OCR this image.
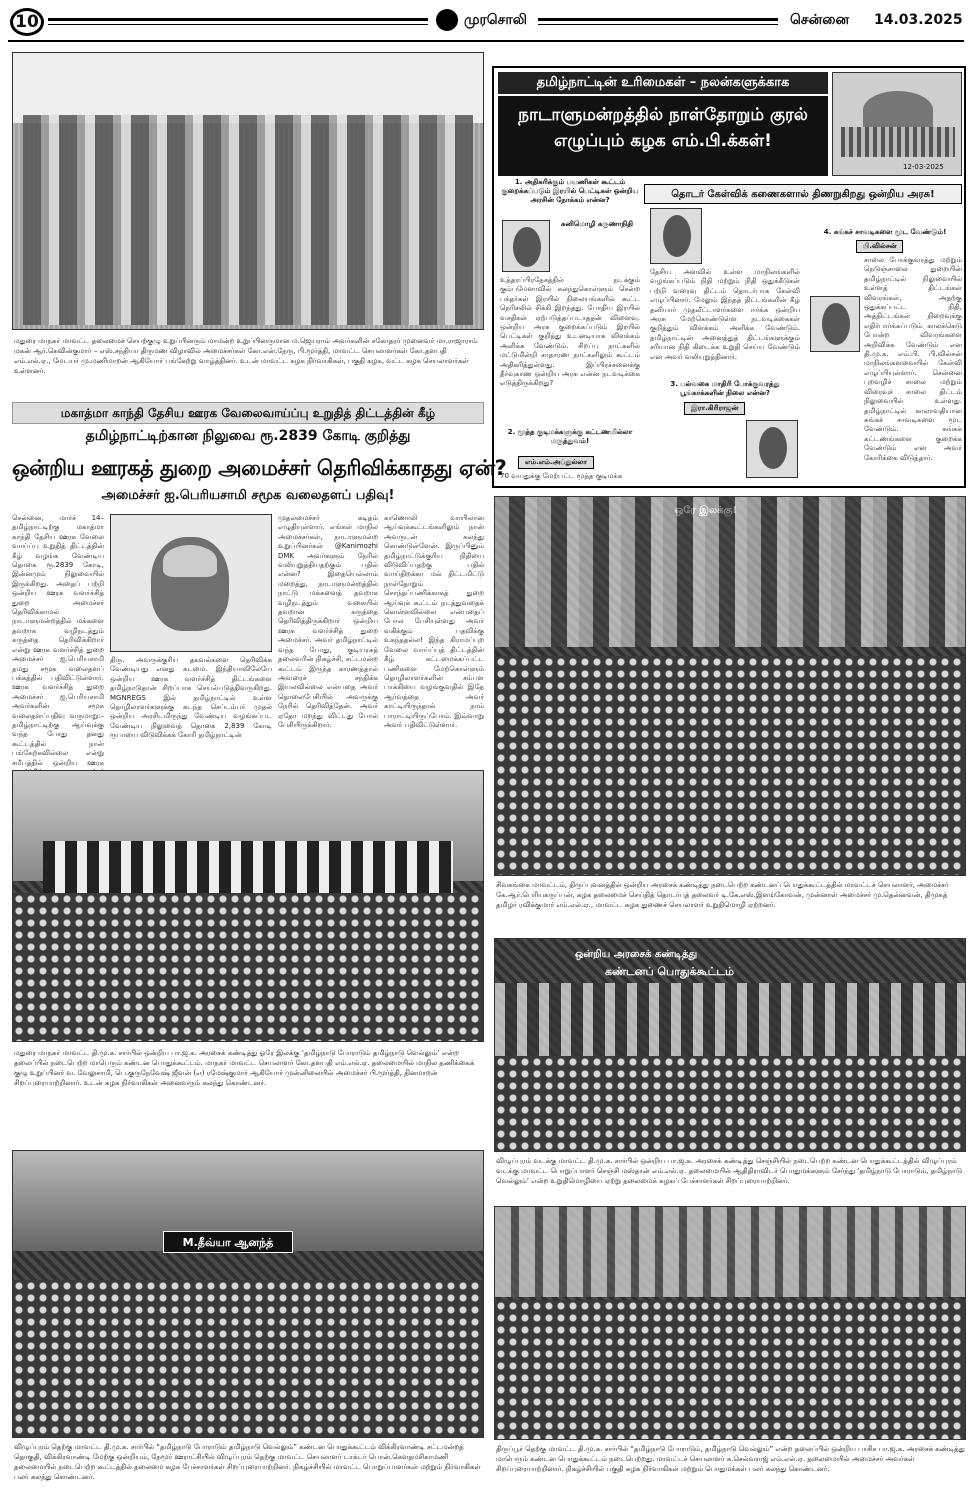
10	முரசொலி	சென்னை 14.03.2025
மதுரை மாநகர் மாவட்ட தலைமைச் செயற்குழு உறுப்பினரும் மாமன்ற உறுப்பினருமான ம.ஜெயராம் அவர்களின் சகோதரர் முனைவர் மா.ராஜாராம் மகன் ஆர்.கெவின்குமார் – எஸ்.சந்தியா திருமண விழாவில் அமைச்சர்கள் கோ.என்.நேரு, பி.மூர்த்தி, மாவட்ட செயலாளர்கள் கோ.தளபதி எம்.எல்.ஏ., மேடயர் மு.மணிமாறன் ஆகியோர் பங்கேற்று வாழ்த்தினர். உடன் மாவட்ட கழக நிர்வாகிகள், பகுதி கழக, வட்ட கழக செயலாளர்கள் உள்ளனர்.
மகாத்மா காந்தி தேசிய ஊரக வேலைவாய்ப்பு உறுதித் திட்டத்தின் கீழ்
தமிழ்நாட்டிற்கான நிலுவை ரூ.2839 கோடி குறித்து
ஒன்றிய ஊரகத் துறை அமைச்சர் தெரிவிக்காதது ஏன்?
அமைச்சர் ஐ.பெரியசாமி சமூக வலைதளப் பதிவு!
சென்னை, மார்ச் 14– தமிழ்நாட்டிற்கு மகாத்மா காந்தி தேசிய ஊரக வேலை வாய்ப்பு உறுதித் திட்டத்தின் கீழ் வழங்க வேண்டிய தொகை ரூ.2839 கோடி, இன்னமும் நிலுவையில் இருக்கிறது. அதைப் பற்றி ஒன்றிய ஊரக வளர்ச்சித் துறை அமைச்சர் தெரிவிக்காமல் நாடாளுமன்றத்தில் மக்களை தவறாக வழிநடத்தும் கருத்தை தெரிவிக்கிறார் என்று ஊரக வளர்ச்சித் துறை அமைச்சர் ஐ.பெரியசாமி தமது சமூக வலைதளப் பக்கத்தில் பதிவிட்டுள்ளார். ஊரக வளர்ச்சித் துறை அமைச்சர் ஐ.பெரியசாமி அவர்களின் சமூக வலைதளப்பதிவு வருமாறு:– தமிழ்நாட்டிற்கு ஆய்வுக்கு வந்த போது தனது கூட்டத்தில் நான் பங்கேற்கவில்லை என்று சமீபத்தில் ஒன்றிய ஊரக
திரு. அவருக்குரிய தகவல்களை தெரிவிக்க வேண்டியது எனது கடமை. இந்தியாவிலேயே ஒன்றிய ஊரக வளர்ச்சித் திட்டங்களை தமிழ்நாடுதான் சிறப்பாக செயல்படுத்திவருகிறது. MGNREGS இல் தமிழ்நாட்டில் உள்ள தொழிலாளர்களுக்கு கடந்த செப்டம்பர் முதல் ஒன்றிய அரசிடமிருந்து வேண்டிய வழங்கப்பட வேண்டிய நிலுவைத் தொகை 2,839 கோடி ரூபாயை விடுவிக்கக் கோரி தமிழ்நாட்டின்
முதலமைச்சர் கடிதம் எழுதியுள்ளார். எங்கள் மாநில அமைச்சர்கள், நாடாளுமன்ற உறுப்பினர்கள் @Kanimozhi DMK அவர்களும் நேரில் வலியுறுத்தியதற்கும் பதில் என்ன? இதையெல்லாம் மறைத்து, நாடாளுமன்றத்தில் நாட்டு மக்களைத் தவறாக வழிநடத்தும் வகையில் தவறான கருத்தை தெரிவித்திருக்கிறார் ஒன்றிய ஊரக வளர்ச்சித் துறை அமைச்சர். அவர் தமிழ்நாட்டில் வந்த போது, குடியரசுத் தலைவரின் நிகழ்ச்சி, சட்டமன்ற கூட்டம் இருந்த காரணத்தால் அவரைச் சந்திக்க இயலவில்லை என்பதை அவர் தொலைபேசியில் அவருக்கு நேரில் தெரிவித்தேன். அவர் ஏதோ மறந்து விட்டது போல் பேசியிருக்கிறார்.
காணொலி வாயிலான ஆய்வுக்கூட்டங்களிலும் நான் அவருடன் கலந்து கொண்டுள்ளேன். இருப்பினும் தமிழ்நாட்டுக்குரிய நிதியை விடுவிப்பதற்கு பதில் வாய்திறக்கா மல் திட்டமிட்டு நாள்தோறும் சொந்தப்பணிக்காகத் துறை ஆய்வுக் கூட்டம் நடத்துவதைக் கொள்ளவில்லை என்பதைப் போல பேசியுள்ளது அவர் வகிக்கும் பதவிக்கு உகந்ததல்ல! இந்த கிராமப்புற வேலை வாய்ப்புத் திட்டத்தின் கீழ் கட்டமைக்கப்பட்ட பணிகளை மேற்கொள்ளும் தொழிலாளர்களின் சம்பள பாக்கியை வழங்குவதில் இதே ஆர்வத்தை அவர் காட்டியிருந்தால் நாம் பாராட்டியிருப்போம். இவ்வாறு அவர் பதிவிட்டுள்ளார்.
தமிழ்நாட்டின் உரிமைகள் – நலன்களுக்காக
நாடாளுமன்றத்தில் நாள்தோறும் குரல் எழுப்பும் கழக எம்.பி.க்கள்!
12-03-2025
தொடர் கேள்விக் கணைகளால் திணறுகிறது ஒன்றிய அரசு!
1. அதிகரிக்கும் பயணிகள் கூட்டம் குறைக்கப்படும் இரயில் பெட்டிகள் ஒன்றிய அரசின் நோக்கம் என்ன?
கனிமொழி கருணாநிதி
உத்தரப்பிரதேசத்தில் நடக்கும் கும்பமேளாவில் கலந்துகொள்ளும் சென்ற பக்தர்கள் இரயில் நிலையங்களில் கூட்ட நெரிசலில் சிக்கி இறந்தது. போதிய இரயில் வசதிகள் ஏற்படுத்தப்படாததன் விளைவு. ஒன்றிய அரசு குறைக்கப்படும் இரயில் பெட்டிகள் குறித்து உடனடியாக விளக்கம் அளிக்க வேண்டும். சிறப்பு நாட்களில் மட்டுமின்றி சாதாரண நாட்களிலும் கூட்டம் அதிகரித்துள்ளது. இப்பிரச்சனைக்கு தீர்வுகாண ஒன்றிய அரசு என்ன நடவடிக்கை எடுத்திருக்கிறது?
2. மூத்த குடிமக்களுக்கு கட்டணமில்லா மருத்துவம்!
எம்.எம்.அப்துல்லா
70 வயதுக்கு மேற்பட்ட மூத்த குடிமக்க
தேசிய அளவில் உள்ள மாநிலங்களில் வழங்கப்படும் நிதி மற்றும் நிதி ஒதுக்கீடுகள் பற்றி வரைவு திட்டம் தொடர்பாக கேள்வி எழுப்பினார். மேலும் இந்தத் திட்டங்களின் கீழ் தனியார் முதலீட்டாளர்களை ஈர்க்க ஒன்றிய அரசு மேற்கொண்டுள்ள நடவடிக்கைகள் குறித்தும் விளக்கம் அளிக்க வேண்டும். தமிழ்நாட்டின் அனைத்துத் திட்டங்களுக்கும் சரியான நிதி கிடைக்க உறுதி செய்ய வேண்டும் என அவர் வலியுறுத்தினார்.
3. பல்வகை மாதிரி போக்குவரத்து பூங்காக்களின் நிலை என்ன?
இரா.கிரிராஜன்
4. சுங்கச் சாவடிகளை மூட வேண்டும்!
பி.வில்சன்
சாலை போக்குவரத்து மற்றும் நெடுஞ்சாலை துறையின் தமிழ்நாட்டில் நிலுவையில் உள்ளத் திட்டங்கள் விவரங்கள், அதற்கு ஒதுக்கப்பட்ட நிதி, அத்திட்டங்கள் நிறைவுக்கு எதிர்பார்க்கப்படும் காலக்கெடு போன்ற விவரங்களை அறிவிக்க வேண்டும் என தி.மு.க. எம்.பி. பி.வில்சன் மாநிலங்களவையில் கேள்வி எழுப்பியுள்ளார். சென்னை புறவழிச் சாலை மற்றும் விரைவுச் சாலை திட்டம் நிலுவையில் உள்ளது. தமிழ்நாட்டில் காலாவதியான சுங்கச் சாவடிகளை மூட வேண்டும். சுங்கக் கட்டணங்களை குறைக்க வேண்டும் என அவர் கோரிக்கை விடுத்தார்.
சிவகங்கை மாவட்டம், திருப்புவனத்தில் ஒன்றிய அரசைக் கண்டித்து நடைபெற்ற கண்டனப் பொதுக்கூட்டத்தில் மாவட்டச் செயலாளர், அமைச்சர் கே.ஆர்.பெரியகருப்பன், கழக தலைமைச் செய்தித் தொடர்புத் தலைவர் டி.கே.எஸ்.இளங்கோவன், முன்னாள் அமைச்சர் மு.தென்னவன், திமுகத் தமிழர் ரவிக்குமார் எம்.எல்.ஏ., மாவட்ட கழக துணைச் செயலாளர் உறுதிமொழி ஏற்றனர்.
மதுரை மாநகர் மாவட்ட தி.மு.க. சார்பில் ஒன்றிய பா.ஜ.க. அரசைக் கண்டித்து ஓரே இலக்கு ‘தமிழ்நாடு போராடும் தமிழ்நாடு வெல்லும்’ என்ற தலைப்பில் நடைபெற்ற மாபெரும் கண்டன பொதுக்கூட்டம். மாநகர் மாவட்ட செயலாளர் கோ.தளபதி எம்.எல்.ஏ. தலைமையில் மாநில தணிக்கைக் குழு உறுப்பினர் வ. வேலுசாமி, பெ.குருநேவேஷ் ஜீவன் (எ) ரமேஷ்குமார் ஆகியோர் முன்னிலையில் அமைச்சர் பி.மூர்த்தி, தினமாறன் சிறப்புரையாற்றினார். உடன் கழக நிர்வாகிகள் அனைவரும் கலந்து கொண்டனர்.
ஒன்றிய அரசைக் கண்டித்து
கண்டனப் பொதுக்கூட்டம்
விழுப்புரம் வடக்கு மாவட்ட தி.மு.க. சார்பில் ஒன்றிய பா.ஜ.க. அரசைக் கண்டித்து செஞ்சியில் நடைபெற்ற கண்டன பொதுக்கூட்டத்தில் விழுப்புரம் வடக்கு மாவட்ட பொறுப்பாளர் செஞ்சி மஸ்தான் எம்.எல்.ஏ. தலைமையில் ஆதிதிராவிடர் பொதுமக்களும் சேர்ந்து ‘தமிழ்நாடு போராடும், தமிழ்நாடு வெல்லும்’ என்ற உறுதிமொழியை ஏற்று தலைமைக் கழகப் பேச்சாளர்கள் சிறப்புரையாற்றினர்.
M.தீவ்யா ஆனந்த்
விழுப்புரம் தெற்கு மாவட்ட தி.மு.க. சார்பில் “தமிழ்நாடு போராடும் தமிழ்நாடு வெல்லும்” கண்டன பொதுக்கூட்டம் விக்கிரவாண்டி சட்டமன்றத் தொகுதி, விக்கிரவாண்டி மேற்கு ஒன்றியம், நேமூர் ஊராட்சியில் விழுப்புரம் தெற்கு மாவட்ட செயலாளர் டாக்டர் பொன்.கௌதமசிகாமணி தலைமையில் நடைபெற்ற கூட்டத்தில் தலைமை கழக பேச்சாளர்கள் சிறப்புரையாற்றினர். நிகழ்ச்சியில் மாவட்ட பொறுப்பாளர்கள் மற்றும் நிர்வாகிகள் பலர் கலந்து கொண்டனர்.
திருப்பூர் தெற்கு மாவட்ட தி.மு.க. சார்பில் “தமிழ்நாடு போராடும், தமிழ்நாடு வெல்லும்” என்ற தலைப்பில் ஒன்றிய பாசிச பா.ஜ.க. அரசைக் கண்டித்து மாபெரும் கண்டன பொதுக்கூட்டம் நடைபெற்றது. மாவட்டச் செயலாளர் க.செல்வராஜ் எம்.எல்.ஏ. தலைமையில் அமைச்சர் அவர்கள் சிறப்புரையாற்றினார். நிகழ்ச்சியில் பகுதி கழக நிர்வாகிகள் மற்றும் பொதுமக்கள் பலர் கலந்து கொண்டனர்.
